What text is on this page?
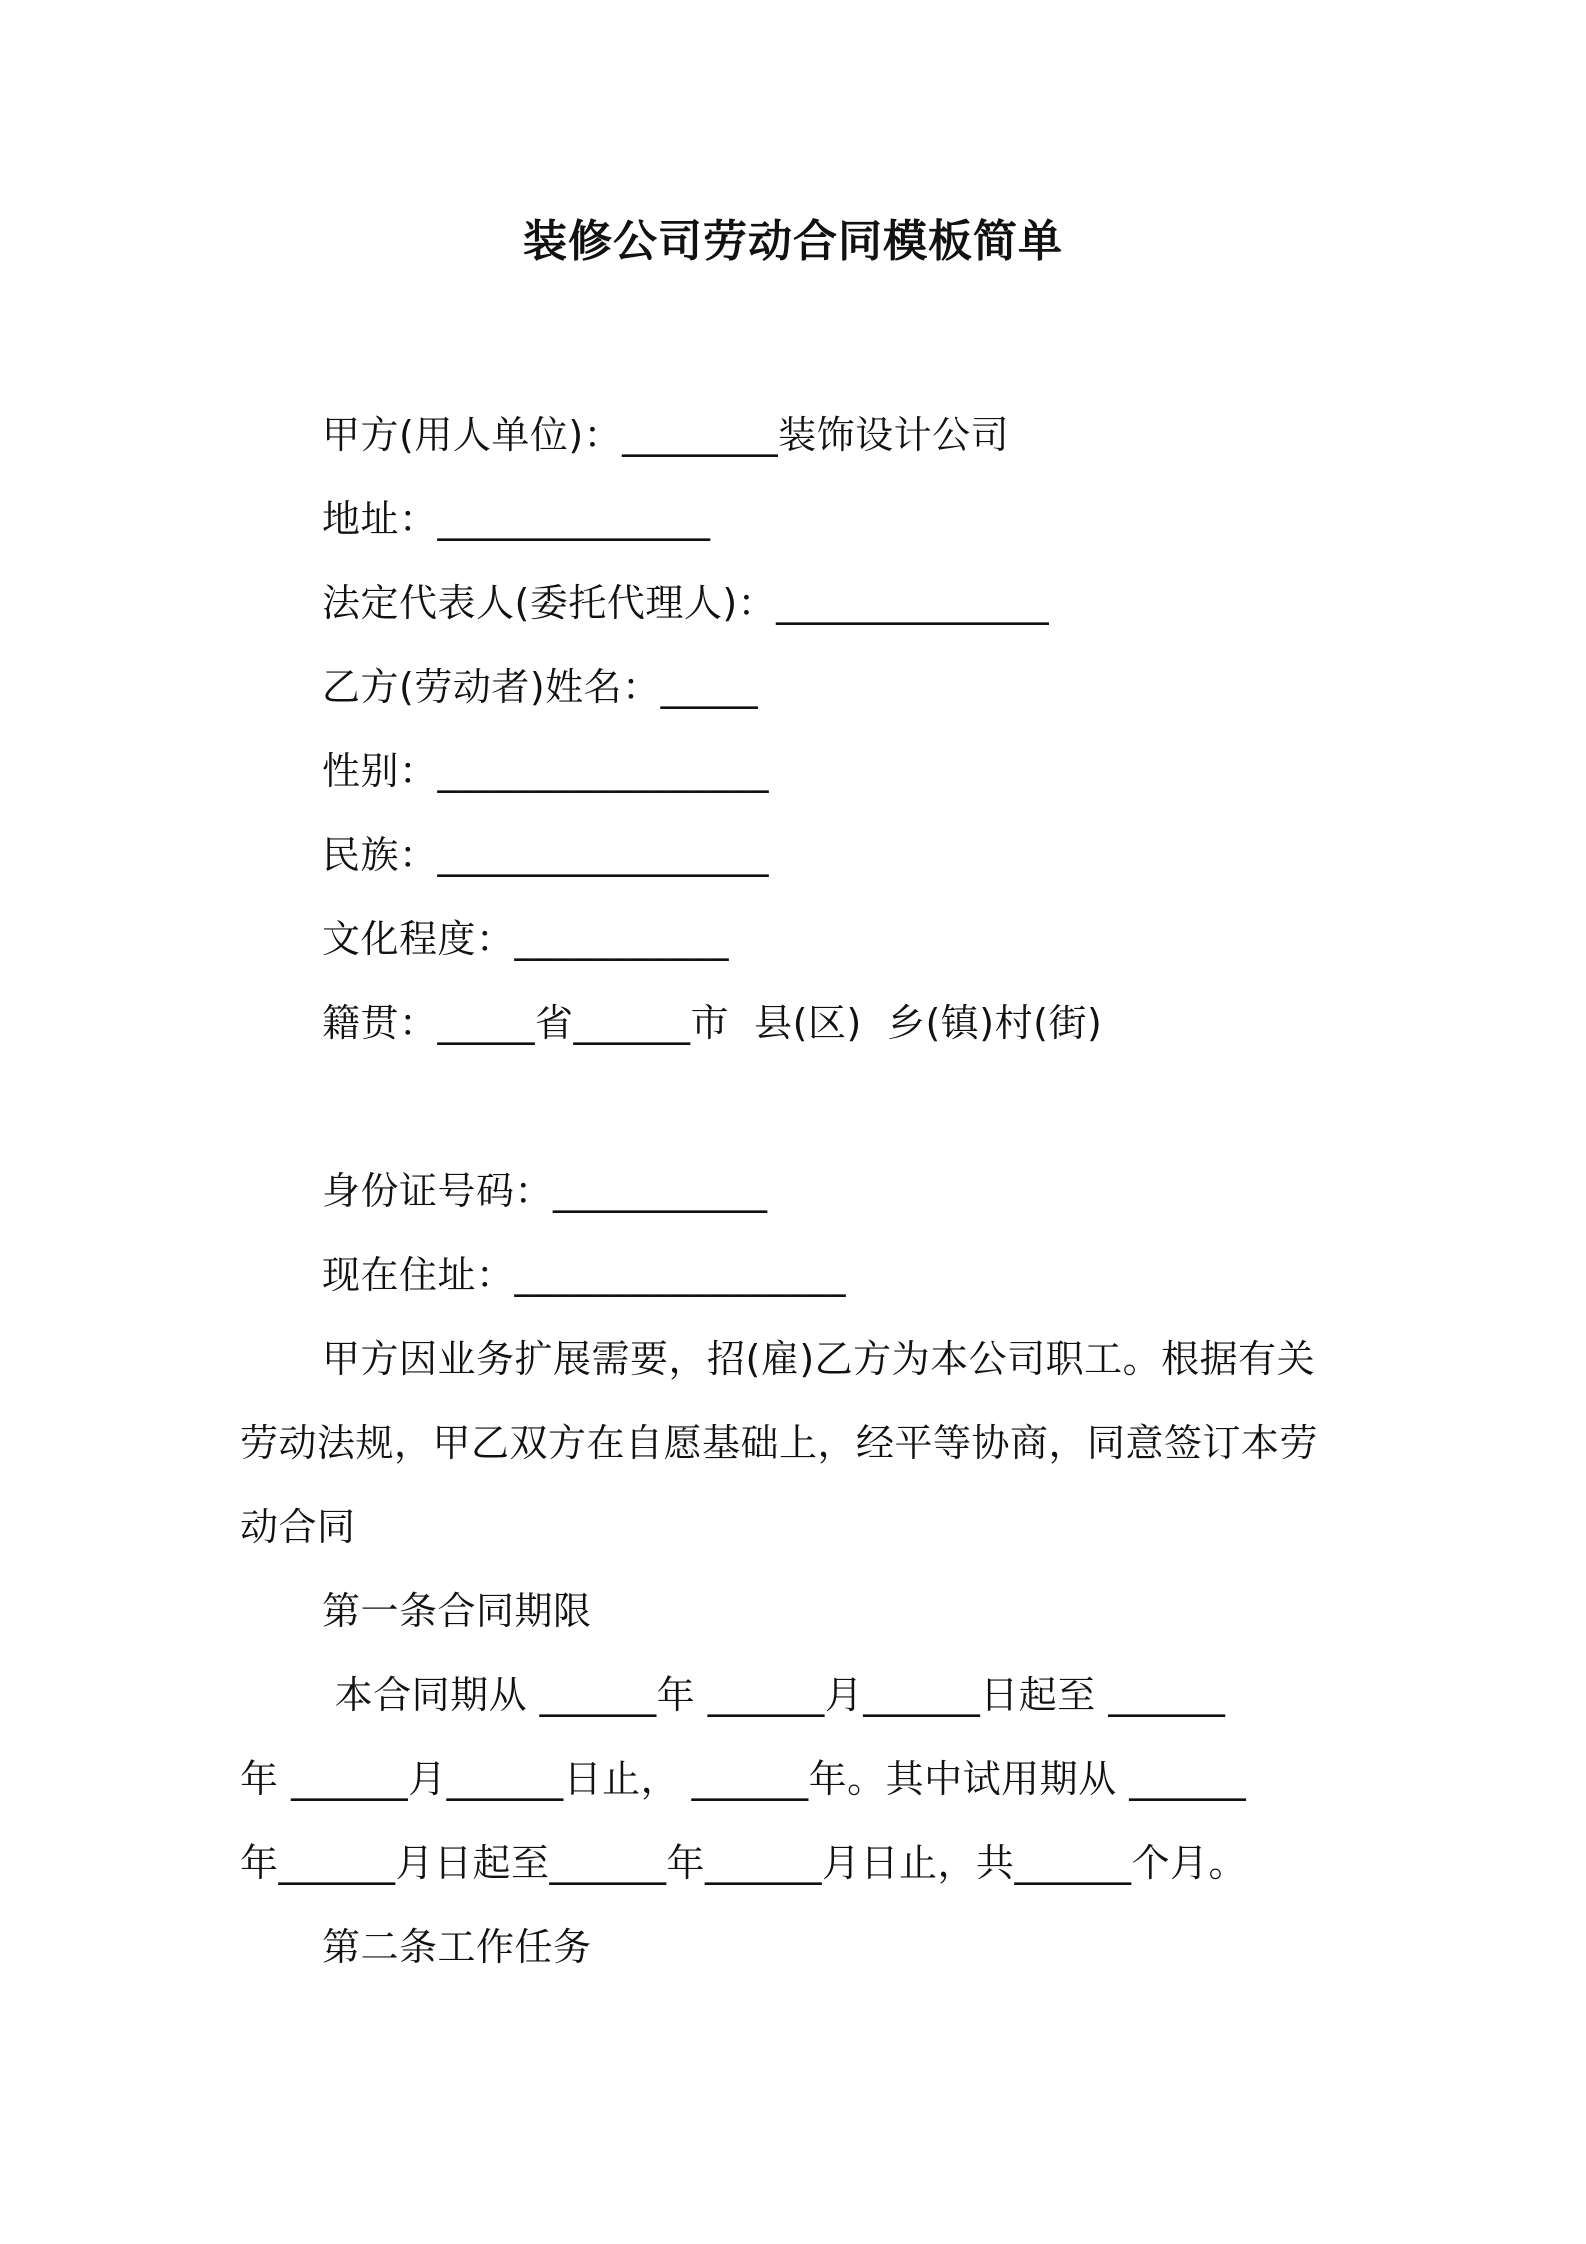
装修公司劳动合同模板简单
甲方(用人单位)：________装饰设计公司
地址：______________
法定代表人(委托代理人)：______________
乙方(劳动者)姓名：_____
性别：_________________
民族：_________________
文化程度：___________
籍贯：_____省______市  县(区)  乡(镇)村(街)
身份证号码：___________
现在住址：_________________
甲方因业务扩展需要，招(雇)乙方为本公司职工。根据有关
劳动法规，甲乙双方在自愿基础上，经平等协商，同意签订本劳
动合同
第一条合同期限
本合同期从 ______年 ______月______日起至 ______
年 ______月______日止， ______年。其中试用期从 ______
年______月日起至______年______月日止，共______个月。
第二条工作任务
